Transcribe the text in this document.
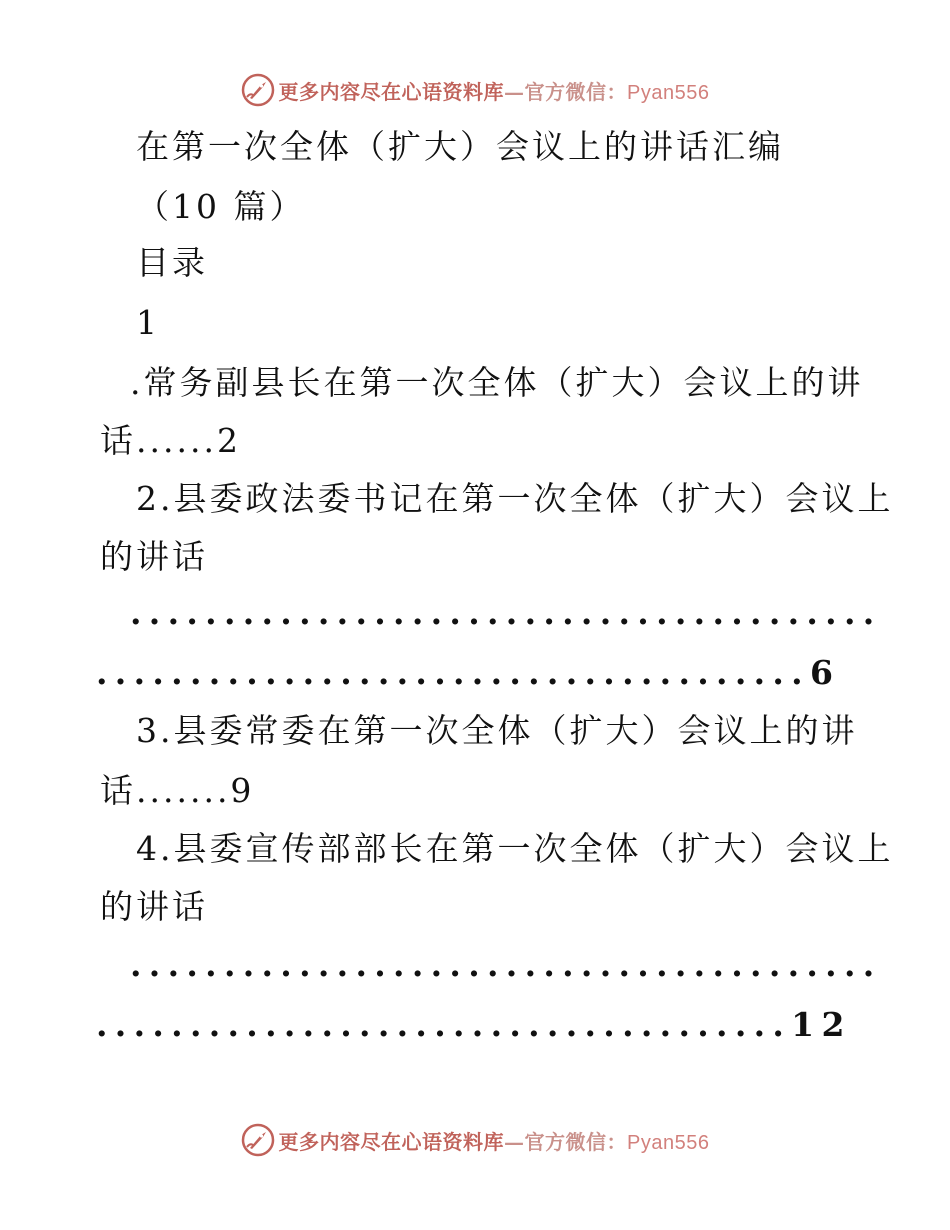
更多内容尽在心语资料库—官方微信：Pyan556
在第一次全体（扩大）会议上的讲话汇编
（10 篇）
目录
1
.常务副县长在第一次全体（扩大）会议上的讲
话......2
2.县委政法委书记在第一次全体（扩大）会议上
的讲话
........................................
......................................6
3.县委常委在第一次全体（扩大）会议上的讲
话.......9
4.县委宣传部部长在第一次全体（扩大）会议上
的讲话
........................................
.....................................12
更多内容尽在心语资料库—官方微信：Pyan556
